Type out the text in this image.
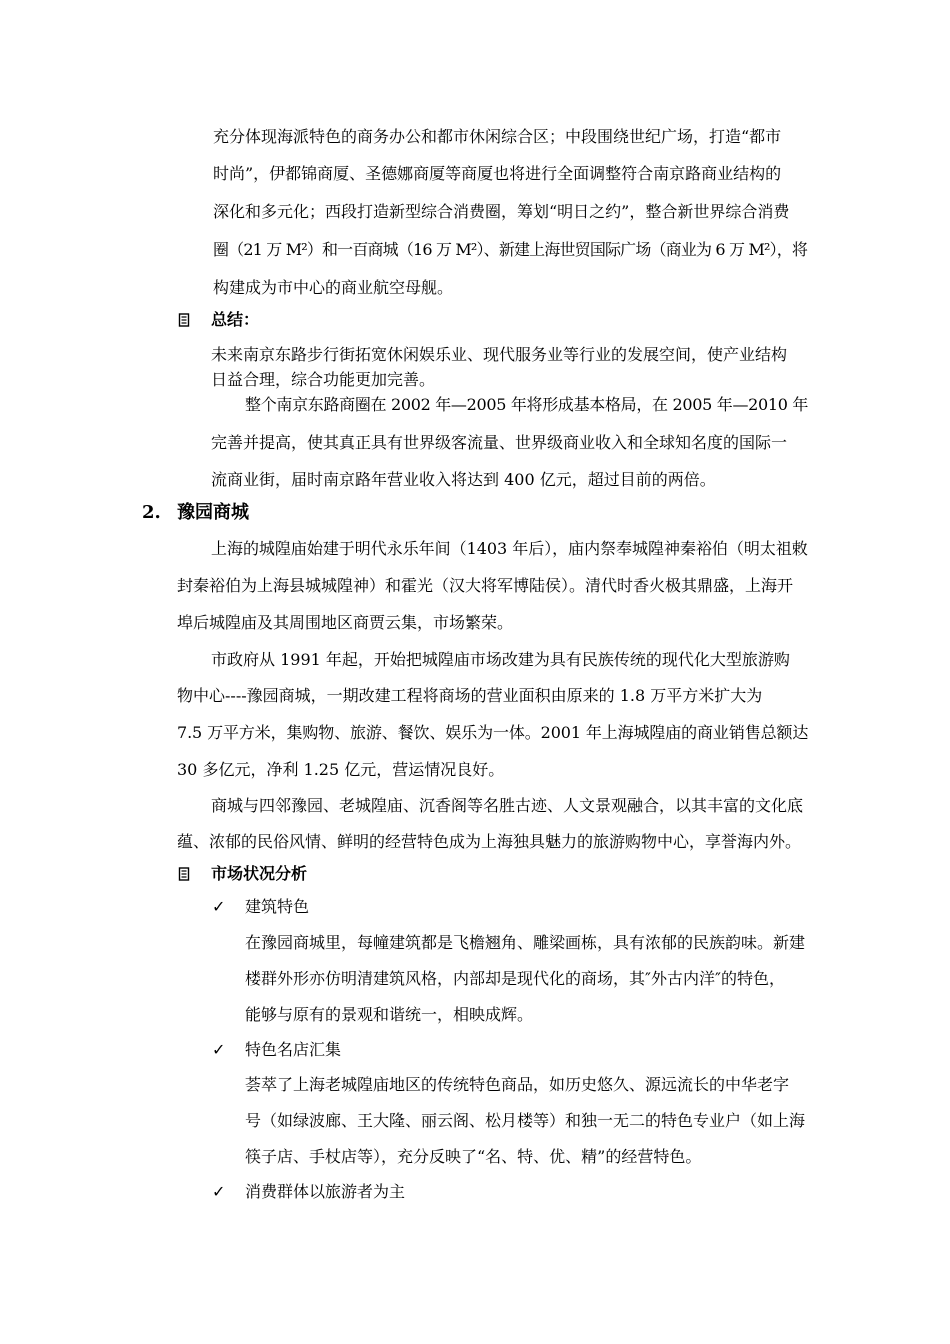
充分体现海派特色的商务办公和都市休闲综合区；中段围绕世纪广场，打造“都市
时尚”，伊都锦商厦、圣德娜商厦等商厦也将进行全面调整符合南京路商业结构的
深化和多元化；西段打造新型综合消费圈，筹划“明日之约”，整合新世界综合消费
圈（21 万 M²）和一百商城（16 万 M²）、新建上海世贸国际广场（商业为 6 万 M²），将
构建成为市中心的商业航空母舰。
总结：
未来南京东路步行街拓宽休闲娱乐业、现代服务业等行业的发展空间，使产业结构
日益合理，综合功能更加完善。
整个南京东路商圈在 2002 年—2005 年将形成基本格局，在 2005 年—2010 年
完善并提高，使其真正具有世界级客流量、世界级商业收入和全球知名度的国际一
流商业街，届时南京路年营业收入将达到 400 亿元，超过目前的两倍。
2. 豫园商城
上海的城隍庙始建于明代永乐年间（1403 年后），庙内祭奉城隍神秦裕伯（明太祖敕
封秦裕伯为上海县城城隍神）和霍光（汉大将军博陆侯）。清代时香火极其鼎盛，上海开
埠后城隍庙及其周围地区商贾云集，市场繁荣。
市政府从 1991 年起，开始把城隍庙市场改建为具有民族传统的现代化大型旅游购
物中心----豫园商城，一期改建工程将商场的营业面积由原来的 1.8 万平方米扩大为
7.5 万平方米，集购物、旅游、餐饮、娱乐为一体。2001 年上海城隍庙的商业销售总额达
30 多亿元，净利 1.25 亿元，营运情况良好。
商城与四邻豫园、老城隍庙、沉香阁等名胜古迹、人文景观融合，以其丰富的文化底
蕴、浓郁的民俗风情、鲜明的经营特色成为上海独具魅力的旅游购物中心，享誉海内外。
市场状况分析
✓ 建筑特色
在豫园商城里，每幢建筑都是飞檐翘角、雕梁画栋，具有浓郁的民族韵味。新建
楼群外形亦仿明清建筑风格，内部却是现代化的商场，其″外古内洋″的特色，
能够与原有的景观和谐统一，相映成辉。
✓ 特色名店汇集
荟萃了上海老城隍庙地区的传统特色商品，如历史悠久、源远流长的中华老字
号（如绿波廊、王大隆、丽云阁、松月楼等）和独一无二的特色专业户（如上海
筷子店、手杖店等），充分反映了“名、特、优、精”的经营特色。
✓ 消费群体以旅游者为主
